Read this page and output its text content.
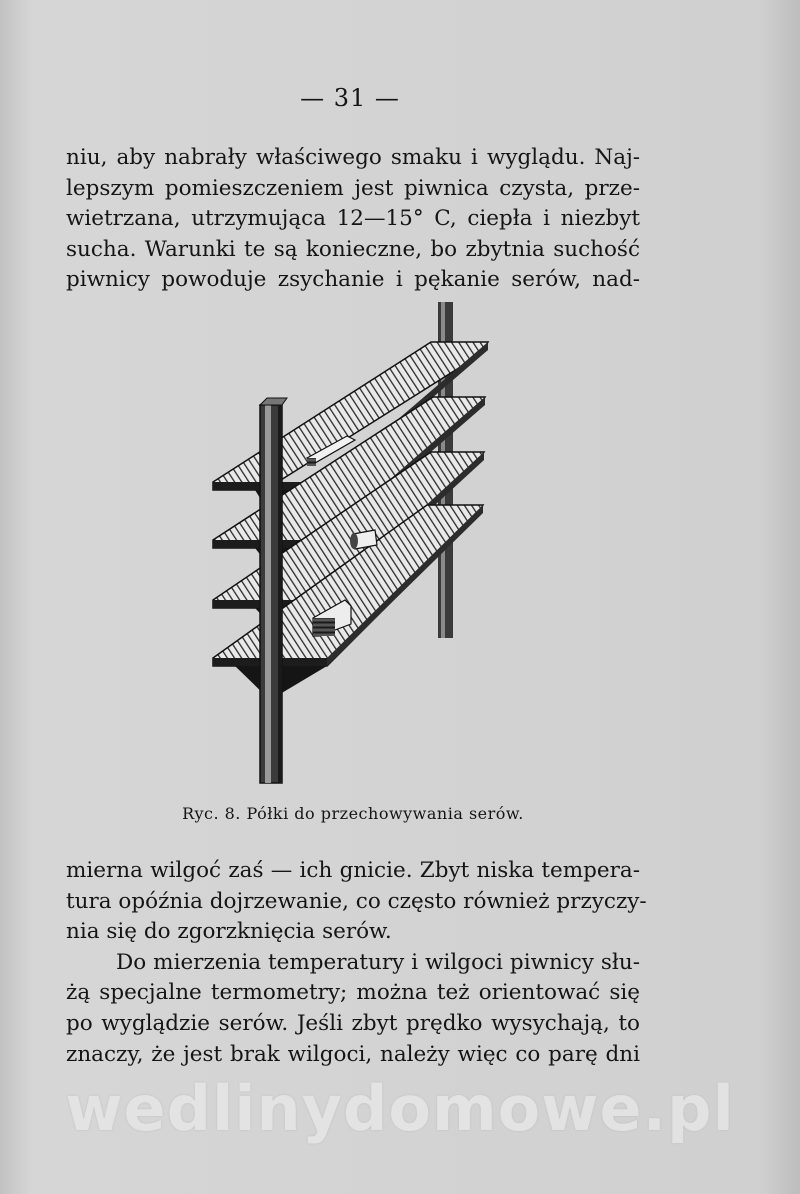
— 31 —
niu, aby nabrały właściwego smaku i wyglądu. Naj-
lepszym pomieszczeniem jest piwnica czysta, prze-
wietrzana, utrzymująca 12—15° C, ciepła i niezbyt
sucha. Warunki te są konieczne, bo zbytnia suchość
piwnicy powoduje zsychanie i pękanie serów, nad-
Ryc. 8. Półki do przechowywania serów.
mierna wilgoć zaś — ich gnicie. Zbyt niska tempera-
tura opóźnia dojrzewanie, co często również przyczy-
nia się do zgorzknięcia serów.
Do mierzenia temperatury i wilgoci piwnicy słu-
żą specjalne termometry; można też orientować się
po wyglądzie serów. Jeśli zbyt prędko wysychają, to
znaczy, że jest brak wilgoci, należy więc co parę dni
wedlinydomowe.pl
